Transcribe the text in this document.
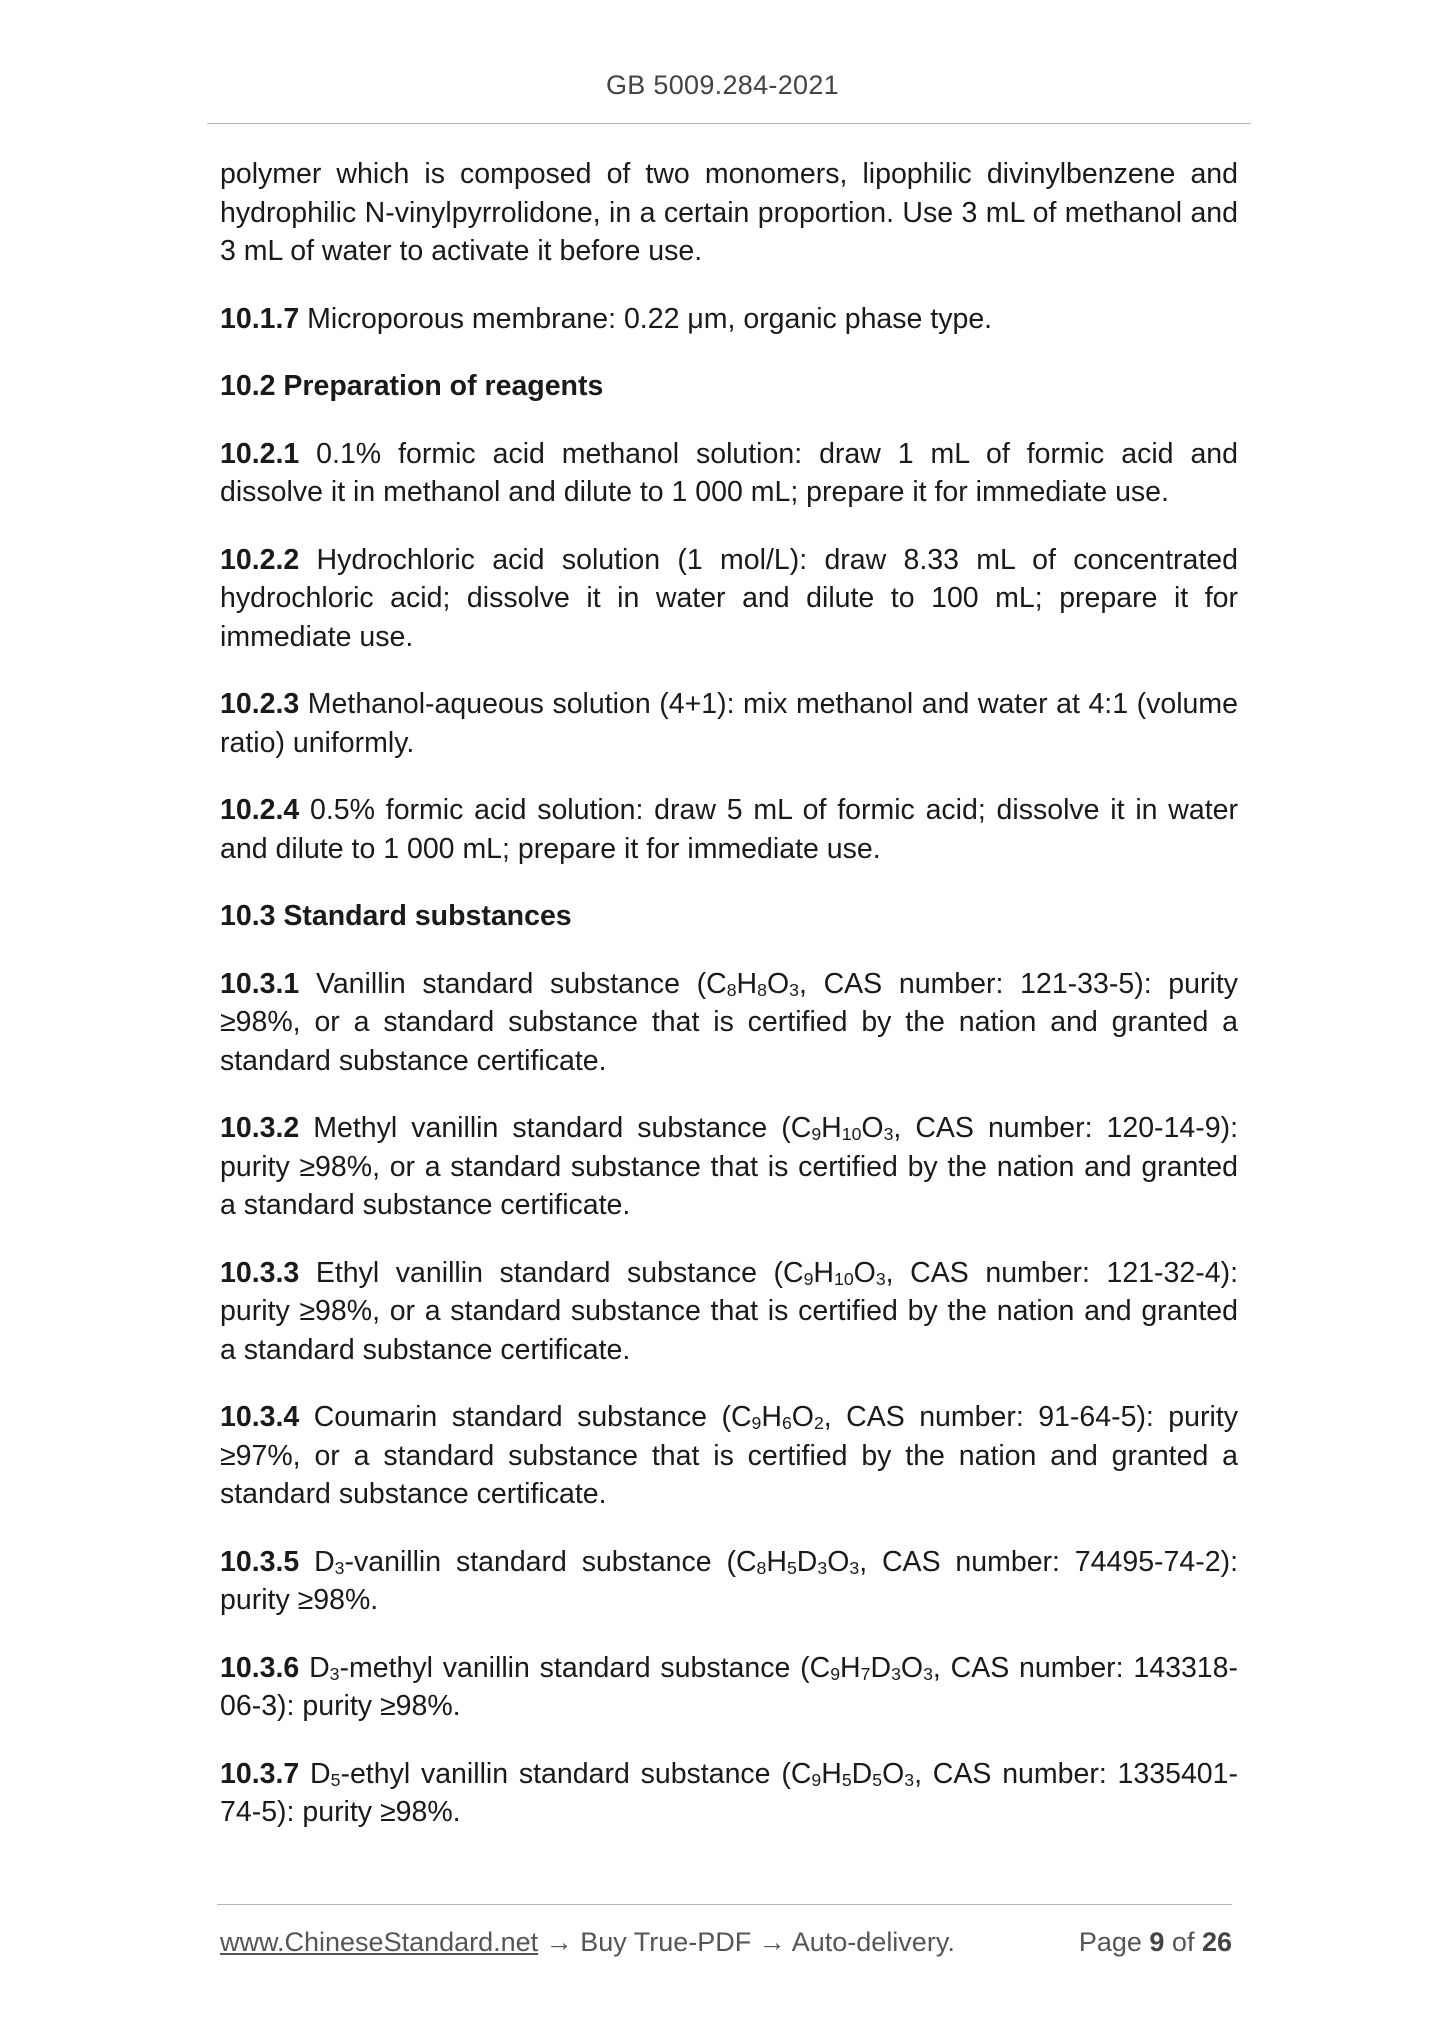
GB 5009.284-2021

polymer which is composed of two monomers, lipophilic divinylbenzene and hydrophilic N-vinylpyrrolidone, in a certain proportion. Use 3 mL of methanol and 3 mL of water to activate it before use.

10.1.7 Microporous membrane: 0.22 μm, organic phase type.

10.2 Preparation of reagents

10.2.1 0.1% formic acid methanol solution: draw 1 mL of formic acid and dissolve it in methanol and dilute to 1 000 mL; prepare it for immediate use.

10.2.2 Hydrochloric acid solution (1 mol/L): draw 8.33 mL of concentrated hydrochloric acid; dissolve it in water and dilute to 100 mL; prepare it for immediate use.

10.2.3 Methanol-aqueous solution (4+1): mix methanol and water at 4:1 (volume ratio) uniformly.

10.2.4 0.5% formic acid solution: draw 5 mL of formic acid; dissolve it in water and dilute to 1 000 mL; prepare it for immediate use.

10.3 Standard substances

10.3.1 Vanillin standard substance ($C_8H_8O_3$, CAS number: 121-33-5): purity ≥98%, or a standard substance that is certified by the nation and granted a standard substance certificate.

10.3.2 Methyl vanillin standard substance ($C_9H_{10}O_3$, CAS number: 120-14-9): purity ≥98%, or a standard substance that is certified by the nation and granted a standard substance certificate.

10.3.3 Ethyl vanillin standard substance ($C_9H_{10}O_3$, CAS number: 121-32-4): purity ≥98%, or a standard substance that is certified by the nation and granted a standard substance certificate.

10.3.4 Coumarin standard substance ($C_9H_6O_2$, CAS number: 91-64-5): purity ≥97%, or a standard substance that is certified by the nation and granted a standard substance certificate.

10.3.5 $D_3$-vanillin standard substance ($C_8H_5D_3O_3$, CAS number: 74495-74-2): purity ≥98%.

10.3.6 $D_3$-methyl vanillin standard substance ($C_9H_7D_3O_3$, CAS number: 143318-06-3): purity ≥98%.

10.3.7 $D_5$-ethyl vanillin standard substance ($C_9H_5D_5O_3$, CAS number: 1335401-74-5): purity ≥98%.

www.ChineseStandard.net → Buy True-PDF → Auto-delivery.	Page 9 of 26
